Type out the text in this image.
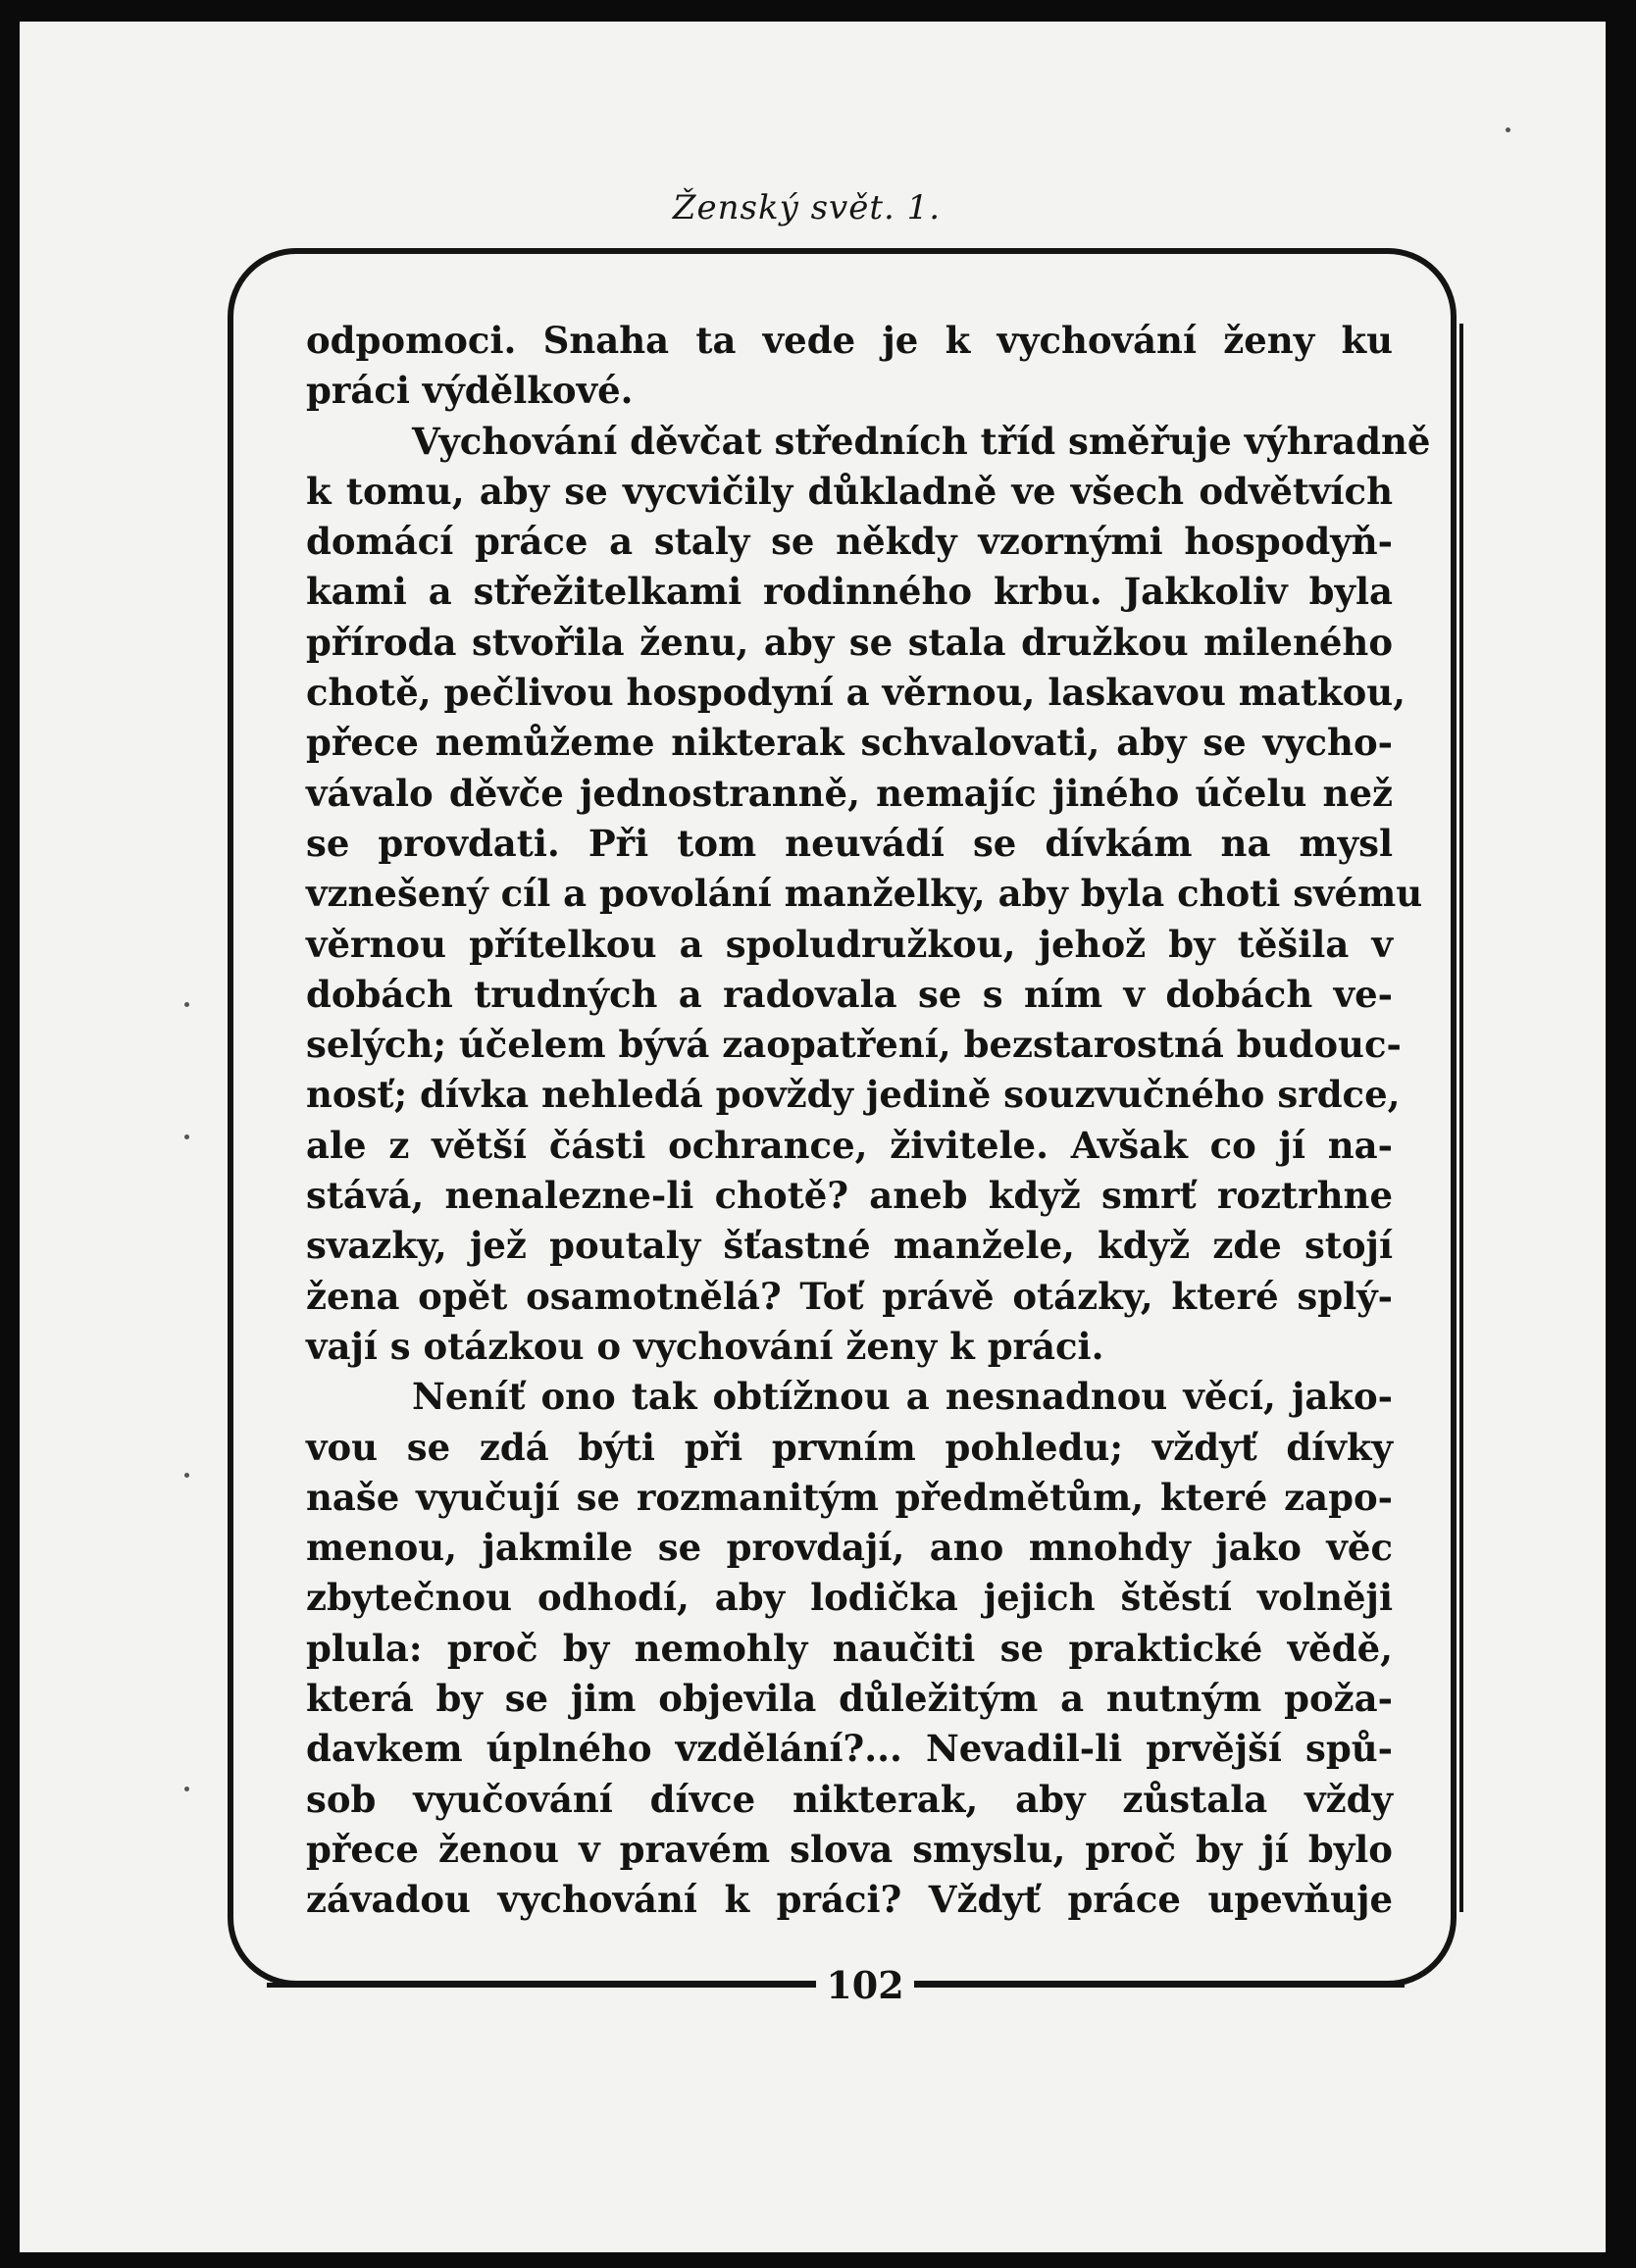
Ženský svět. 1.
odpomoci. Snaha ta vede je k vychování ženy ku
práci výdělkové.
Vychování děvčat středních tříd směřuje výhradně
k tomu, aby se vycvičily důkladně ve všech odvětvích
domácí práce a staly se někdy vzornými hospodyň-
kami a střežitelkami rodinného krbu. Jakkoliv byla
příroda stvořila ženu, aby se stala družkou mileného
chotě, pečlivou hospodyní a věrnou, laskavou matkou,
přece nemůžeme nikterak schvalovati, aby se vycho-
vávalo děvče jednostranně, nemajíc jiného účelu než
se provdati. Při tom neuvádí se dívkám na mysl
vznešený cíl a povolání manželky, aby byla choti svému
věrnou přítelkou a spoludružkou, jehož by těšila v
dobách trudných a radovala se s ním v dobách ve-
selých; účelem bývá zaopatření, bezstarostná budouc-
nosť; dívka nehledá povždy jedině souzvučného srdce,
ale z větší části ochrance, živitele. Avšak co jí na-
stává, nenalezne-li chotě? aneb když smrť roztrhne
svazky, jež poutaly šťastné manžele, když zde stojí
žena opět osamotnělá? Toť právě otázky, které splý-
vají s otázkou o vychování ženy k práci.
Neníť ono tak obtížnou a nesnadnou věcí, jako-
vou se zdá býti při prvním pohledu; vždyť dívky
naše vyučují se rozmanitým předmětům, které zapo-
menou, jakmile se provdají, ano mnohdy jako věc
zbytečnou odhodí, aby lodička jejich štěstí volněji
plula: proč by nemohly naučiti se praktické vědě,
která by se jim objevila důležitým a nutným poža-
davkem úplného vzdělání?... Nevadil-li prvější spů-
sob vyučování dívce nikterak, aby zůstala vždy
přece ženou v pravém slova smyslu, proč by jí bylo
závadou vychování k práci? Vždyť práce upevňuje
102
